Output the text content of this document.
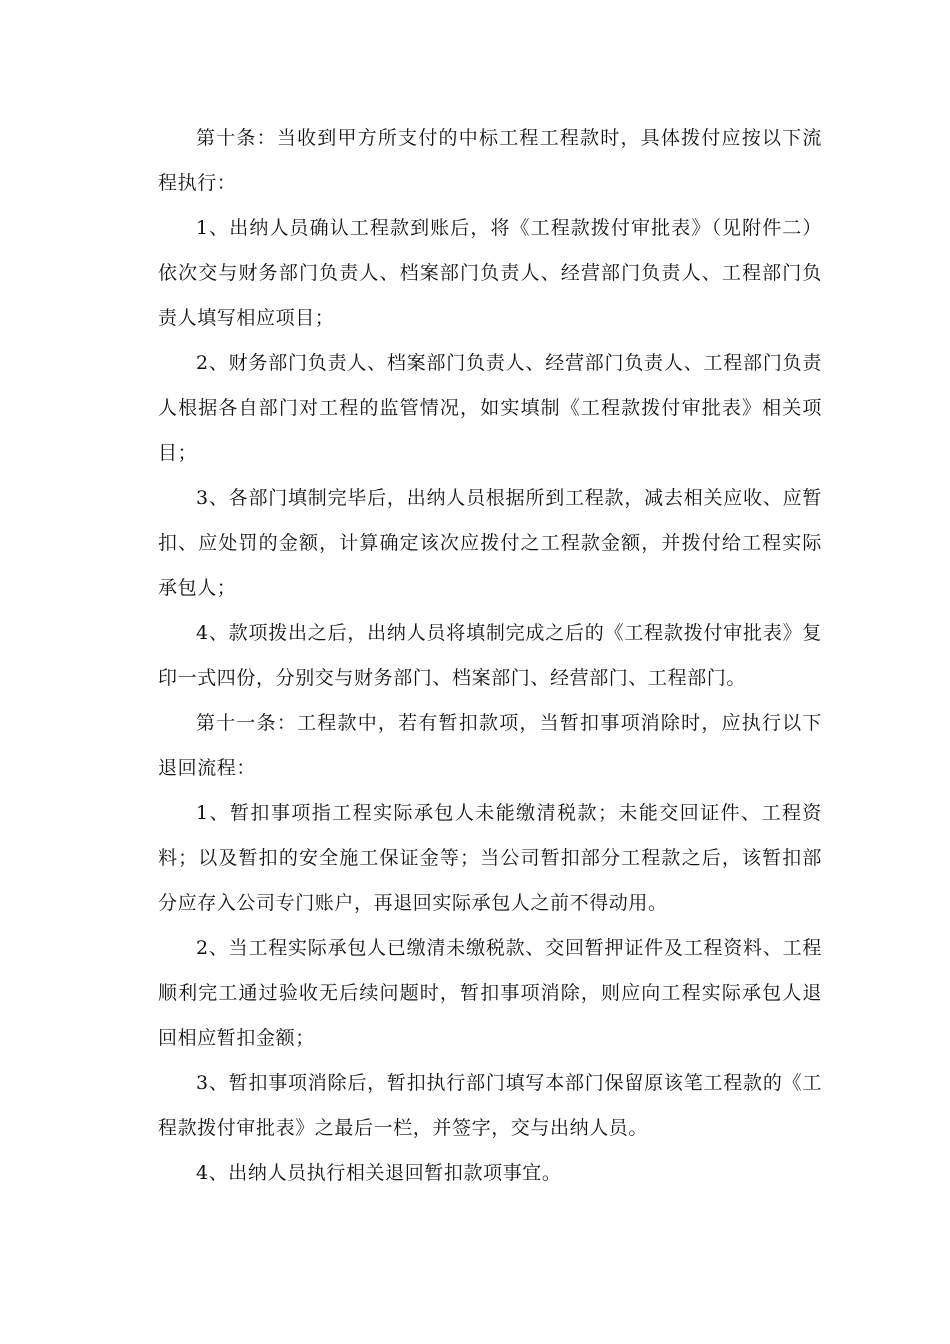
第十条：当收到甲方所支付的中标工程工程款时，具体拨付应按以下流程执行：

1、出纳人员确认工程款到账后，将《工程款拨付审批表》（见附件二）依次交与财务部门负责人、档案部门负责人、经营部门负责人、工程部门负责人填写相应项目；

2、财务部门负责人、档案部门负责人、经营部门负责人、工程部门负责人根据各自部门对工程的监管情况，如实填制《工程款拨付审批表》相关项目；

3、各部门填制完毕后，出纳人员根据所到工程款，减去相关应收、应暂扣、应处罚的金额，计算确定该次应拨付之工程款金额，并拨付给工程实际承包人；

4、款项拨出之后，出纳人员将填制完成之后的《工程款拨付审批表》复印一式四份，分别交与财务部门、档案部门、经营部门、工程部门。

第十一条：工程款中，若有暂扣款项，当暂扣事项消除时，应执行以下退回流程：

1、暂扣事项指工程实际承包人未能缴清税款；未能交回证件、工程资料；以及暂扣的安全施工保证金等；当公司暂扣部分工程款之后，该暂扣部分应存入公司专门账户，再退回实际承包人之前不得动用。

2、当工程实际承包人已缴清未缴税款、交回暂押证件及工程资料、工程顺利完工通过验收无后续问题时，暂扣事项消除，则应向工程实际承包人退回相应暂扣金额；

3、暂扣事项消除后，暂扣执行部门填写本部门保留原该笔工程款的《工程款拨付审批表》之最后一栏，并签字，交与出纳人员。

4、出纳人员执行相关退回暂扣款项事宜。
